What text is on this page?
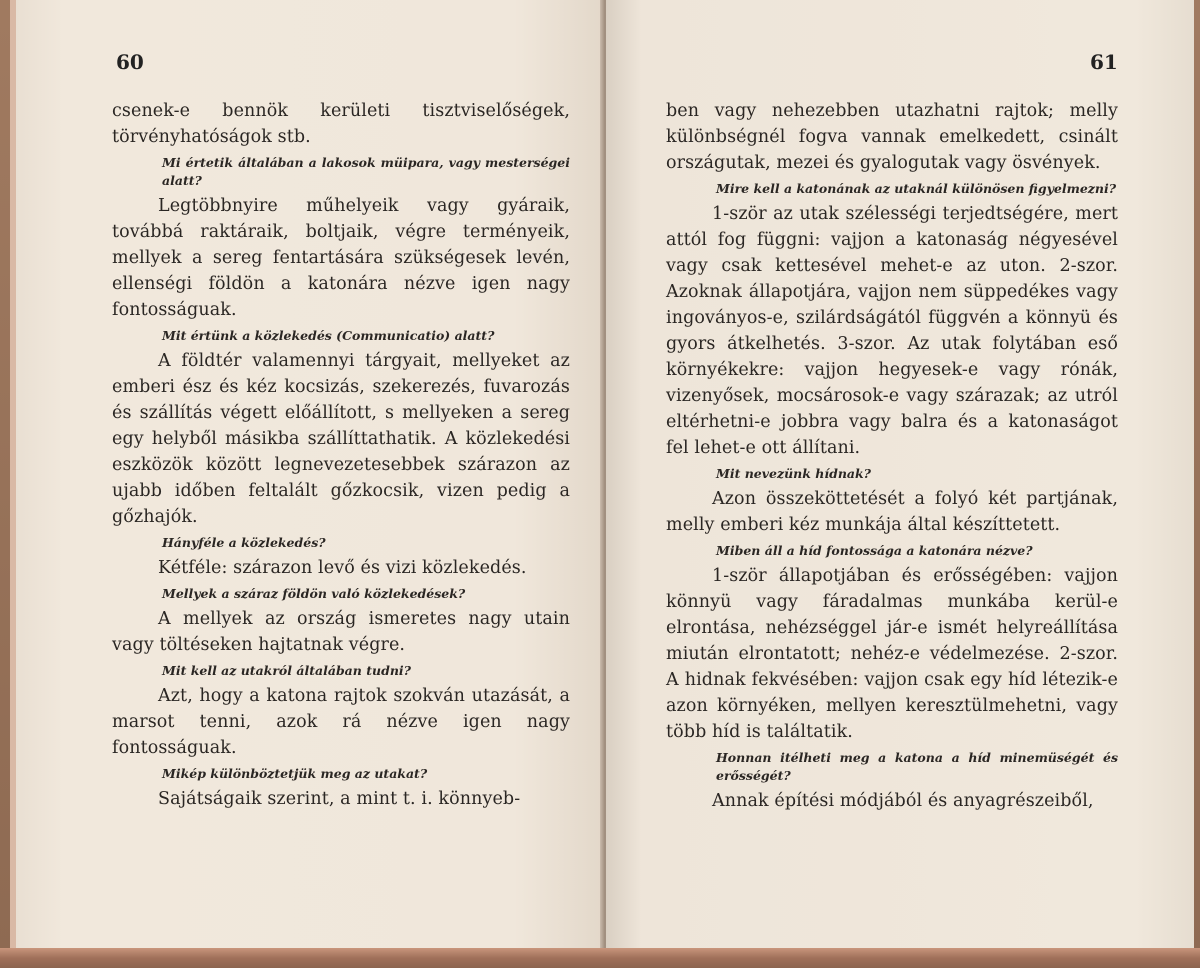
60

csenek-e bennök kerületi tisztviselőségek, törvényhatóságok stb.

Mi értetik általában a lakosok müipara, vagy mesterségei alatt?

Legtöbbnyire műhelyeik vagy gyáraik, továbbá raktáraik, boltjaik, végre terményeik, mellyek a sereg fentartására szükségesek levén, ellenségi földön a katonára nézve igen nagy fontosságuak.

Mit értünk a közlekedés (Communicatio) alatt?

A földtér valamennyi tárgyait, mellyeket az emberi ész és kéz kocsizás, szekerezés, fuvarozás és szállítás végett előállított, s mellyeken a sereg egy helyből másikba szállíttathatik. A közlekedési eszközök között legnevezetesebbek szárazon az ujabb időben feltalált gőzkocsik, vizen pedig a gőzhajók.

Hányféle a közlekedés?

Kétféle: szárazon levő és vizi közlekedés.

Mellyek a száraz földön való közlekedések?

A mellyek az ország ismeretes nagy utain vagy töltéseken hajtatnak végre.

Mit kell az utakról általában tudni?

Azt, hogy a katona rajtok szokván utazását, a marsot tenni, azok rá nézve igen nagy fontosságuak.

Mikép különböztetjük meg az utakat?

Sajátságaik szerint, a mint t. i. könnyeb-

61

ben vagy nehezebben utazhatni rajtok; melly különbségnél fogva vannak emelkedett, csinált országutak, mezei és gyalogutak vagy ösvények.

Mire kell a katonának az utaknál különösen figyelmezni?

1-ször az utak szélességi terjedtségére, mert attól fog függni: vajjon a katonaság négyesével vagy csak kettesével mehet-e az uton. 2-szor. Azoknak állapotjára, vajjon nem süppedékes vagy ingoványos-e, szilárdságától függvén a könnyü és gyors átkelhetés. 3-szor. Az utak folytában eső környékekre: vajjon hegyesek-e vagy rónák, vizenyősek, mocsárosok-e vagy szárazak; az utról eltérhetni-e jobbra vagy balra és a katonaságot fel lehet-e ott állítani.

Mit nevezünk hídnak?

Azon összeköttetését a folyó két partjának, melly emberi kéz munkája által készíttetett.

Miben áll a híd fontossága a katonára nézve?

1-ször állapotjában és erősségében: vajjon könnyü vagy fáradalmas munkába kerül-e elrontása, nehézséggel jár-e ismét helyreállítása miután elrontatott; nehéz-e védelmezése. 2-szor. A hidnak fekvésében: vajjon csak egy híd létezik-e azon környéken, mellyen keresztülmehetni, vagy több híd is találtatik.

Honnan itélheti meg a katona a híd minemüségét és erősségét?

Annak építési módjából és anyagrészeiből,
